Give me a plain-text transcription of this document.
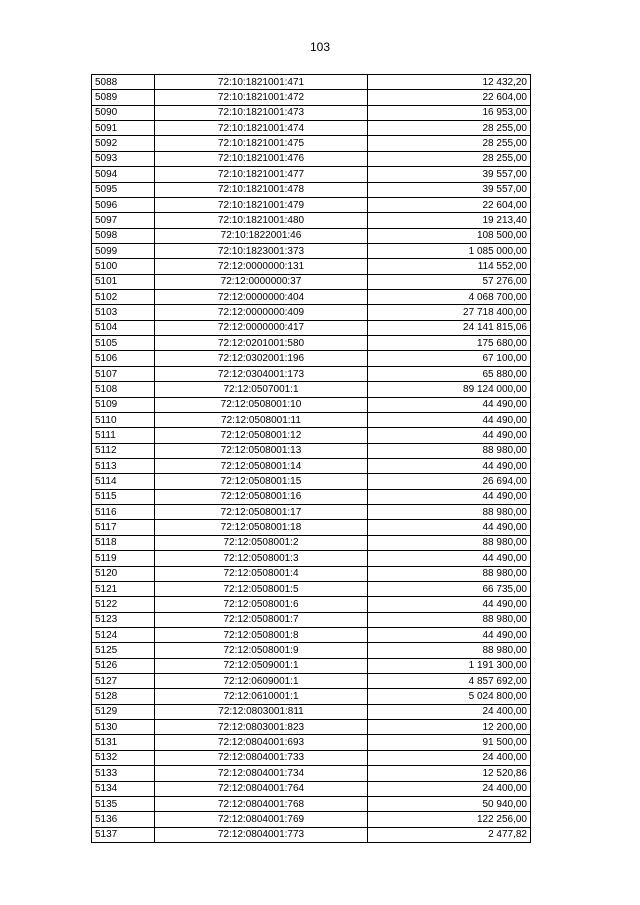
103
5088	72:10:1821001:471	12 432,20
5089	72:10:1821001:472	22 604,00
5090	72:10:1821001:473	16 953,00
5091	72:10:1821001:474	28 255,00
5092	72:10:1821001:475	28 255,00
5093	72:10:1821001:476	28 255,00
5094	72:10:1821001:477	39 557,00
5095	72:10:1821001:478	39 557,00
5096	72:10:1821001:479	22 604,00
5097	72:10:1821001:480	19 213,40
5098	72:10:1822001:46	108 500,00
5099	72:10:1823001:373	1 085 000,00
5100	72:12:0000000:131	114 552,00
5101	72:12:0000000:37	57 276,00
5102	72:12:0000000:404	4 068 700,00
5103	72:12:0000000:409	27 718 400,00
5104	72:12:0000000:417	24 141 815,06
5105	72:12:0201001:580	175 680,00
5106	72:12:0302001:196	67 100,00
5107	72:12:0304001:173	65 880,00
5108	72:12:0507001:1	89 124 000,00
5109	72:12:0508001:10	44 490,00
5110	72:12:0508001:11	44 490,00
5111	72:12:0508001:12	44 490,00
5112	72:12:0508001:13	88 980,00
5113	72:12:0508001:14	44 490,00
5114	72:12:0508001:15	26 694,00
5115	72:12:0508001:16	44 490,00
5116	72:12:0508001:17	88 980,00
5117	72:12:0508001:18	44 490,00
5118	72:12:0508001:2	88 980,00
5119	72:12:0508001:3	44 490,00
5120	72:12:0508001:4	88 980,00
5121	72:12:0508001:5	66 735,00
5122	72:12:0508001:6	44 490,00
5123	72:12:0508001:7	88 980,00
5124	72:12:0508001:8	44 490,00
5125	72:12:0508001:9	88 980,00
5126	72:12:0509001:1	1 191 300,00
5127	72:12:0609001:1	4 857 692,00
5128	72:12:0610001:1	5 024 800,00
5129	72:12:0803001:811	24 400,00
5130	72:12:0803001:823	12 200,00
5131	72:12:0804001:693	91 500,00
5132	72:12:0804001:733	24 400,00
5133	72:12:0804001:734	12 520,86
5134	72:12:0804001:764	24 400,00
5135	72:12:0804001:768	50 940,00
5136	72:12:0804001:769	122 256,00
5137	72:12:0804001:773	2 477,82
